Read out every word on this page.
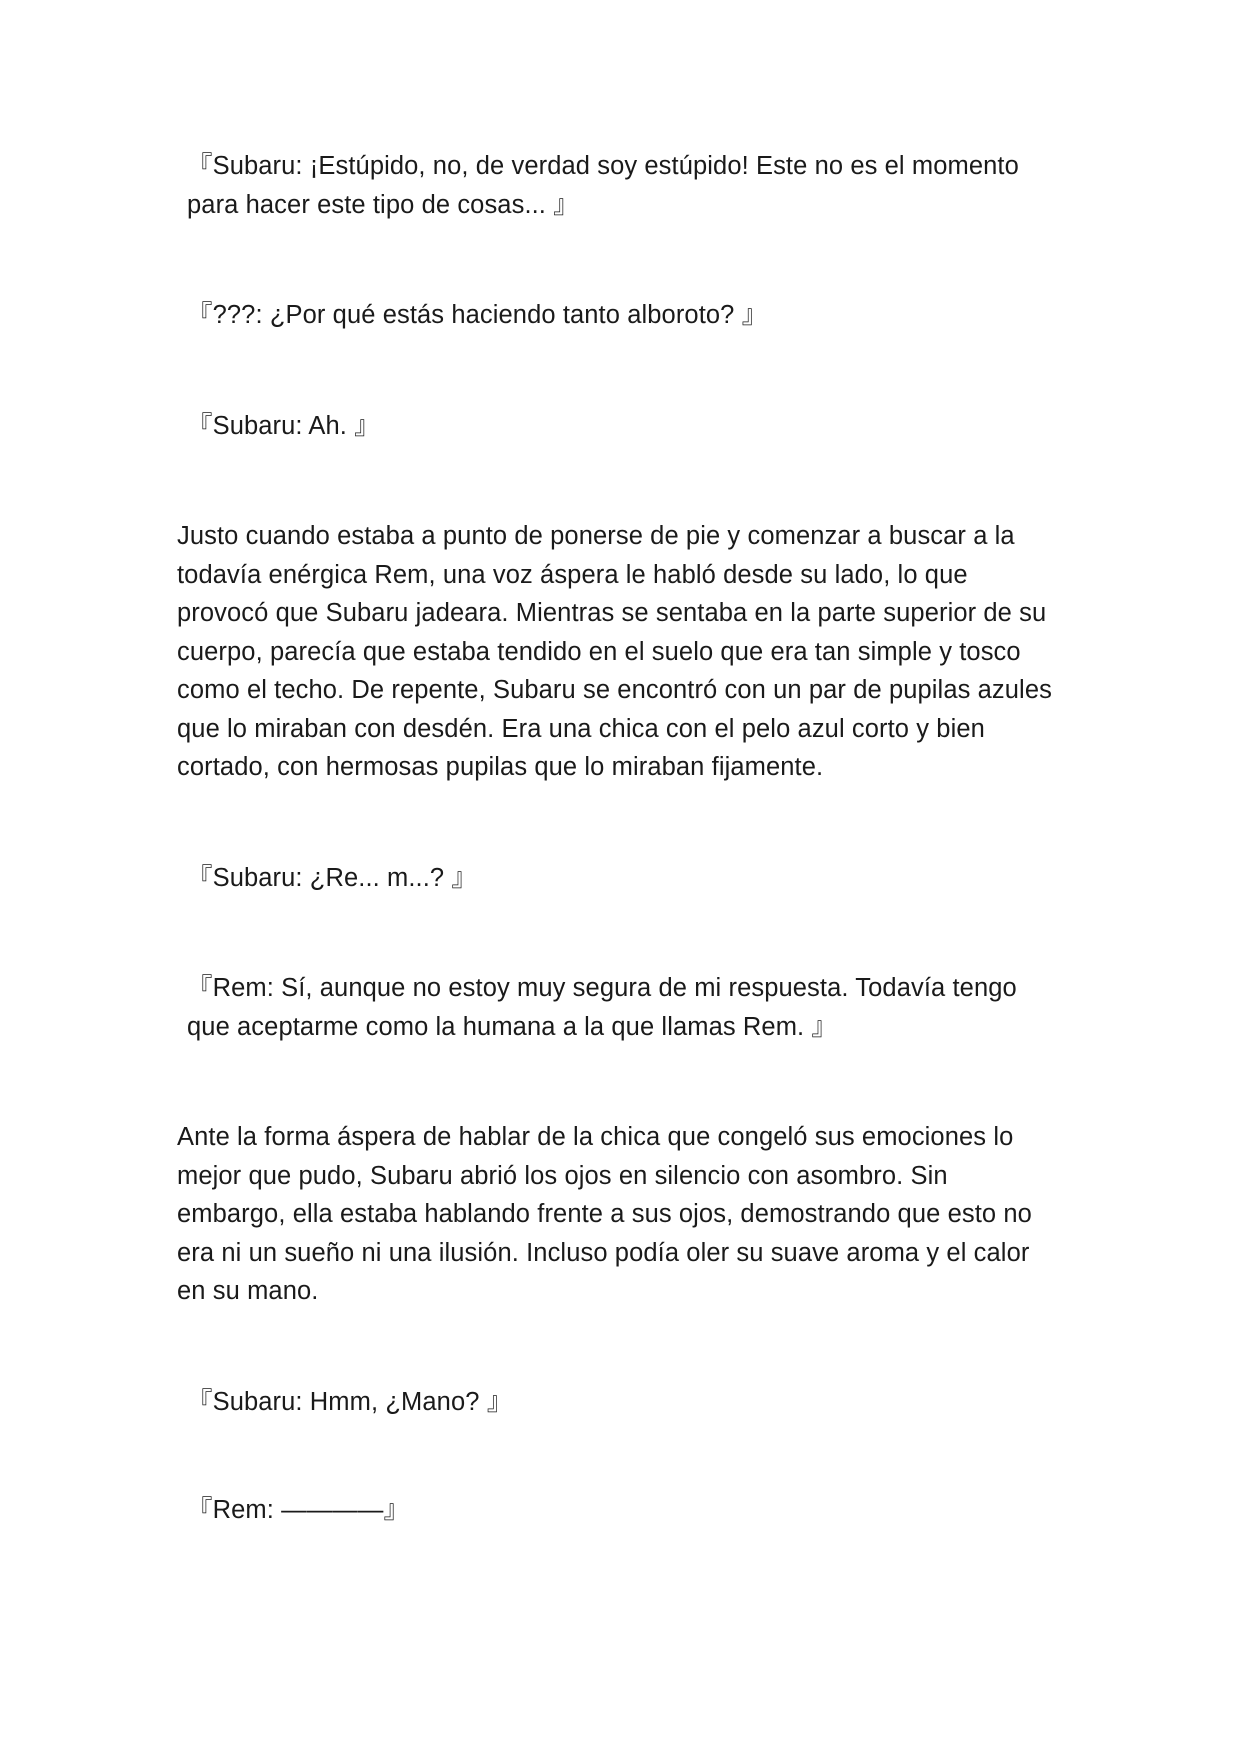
『Subaru: ¡Estúpido, no, de verdad soy estúpido! Este no es el momento para hacer este tipo de cosas... 』

『???: ¿Por qué estás haciendo tanto alboroto? 』

『Subaru: Ah. 』

Justo cuando estaba a punto de ponerse de pie y comenzar a buscar a la todavía enérgica Rem, una voz áspera le habló desde su lado, lo que provocó que Subaru jadeara. Mientras se sentaba en la parte superior de su cuerpo, parecía que estaba tendido en el suelo que era tan simple y tosco como el techo. De repente, Subaru se encontró con un par de pupilas azules que lo miraban con desdén. Era una chica con el pelo azul corto y bien cortado, con hermosas pupilas que lo miraban fijamente.

『Subaru: ¿Re... m...? 』

『Rem: Sí, aunque no estoy muy segura de mi respuesta. Todavía tengo que aceptarme como la humana a la que llamas Rem. 』

Ante la forma áspera de hablar de la chica que congeló sus emociones lo mejor que pudo, Subaru abrió los ojos en silencio con asombro. Sin embargo, ella estaba hablando frente a sus ojos, demostrando que esto no era ni un sueño ni una ilusión. Incluso podía oler su suave aroma y el calor en su mano.

『Subaru: Hmm, ¿Mano? 』

『Rem: ————』
